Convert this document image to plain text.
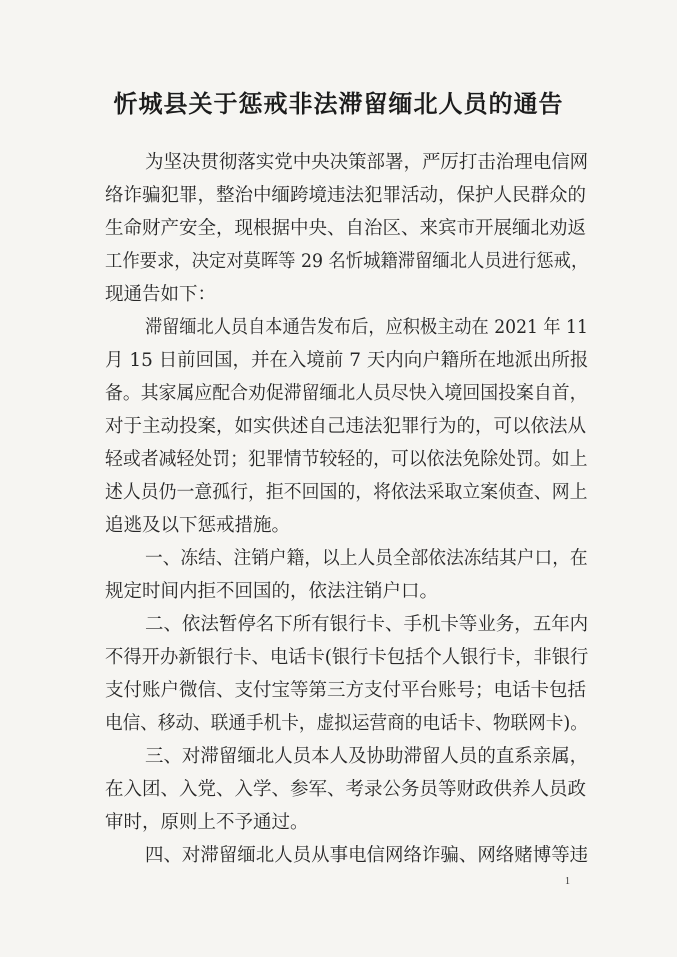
忻城县关于惩戒非法滞留缅北人员的通告
为坚决贯彻落实党中央决策部署，严厉打击治理电信网
络诈骗犯罪，整治中缅跨境违法犯罪活动，保护人民群众的
生命财产安全，现根据中央、自治区、来宾市开展缅北劝返
工作要求，决定对莫晖等 29 名忻城籍滞留缅北人员进行惩戒，
现通告如下：
滞留缅北人员自本通告发布后，应积极主动在 2021 年 11
月 15 日前回国，并在入境前 7 天内向户籍所在地派出所报
备。其家属应配合劝促滞留缅北人员尽快入境回国投案自首，
对于主动投案，如实供述自己违法犯罪行为的，可以依法从
轻或者减轻处罚；犯罪情节较轻的，可以依法免除处罚。如上
述人员仍一意孤行，拒不回国的，将依法采取立案侦查、网上
追逃及以下惩戒措施。
一、冻结、注销户籍，以上人员全部依法冻结其户口，在
规定时间内拒不回国的，依法注销户口。
二、依法暂停名下所有银行卡、手机卡等业务，五年内
不得开办新银行卡、电话卡(银行卡包括个人银行卡，非银行
支付账户微信、支付宝等第三方支付平台账号；电话卡包括
电信、移动、联通手机卡，虚拟运营商的电话卡、物联网卡)。
三、对滞留缅北人员本人及协助滞留人员的直系亲属，
在入团、入党、入学、参军、考录公务员等财政供养人员政
审时，原则上不予通过。
四、对滞留缅北人员从事电信网络诈骗、网络赌博等违
1
